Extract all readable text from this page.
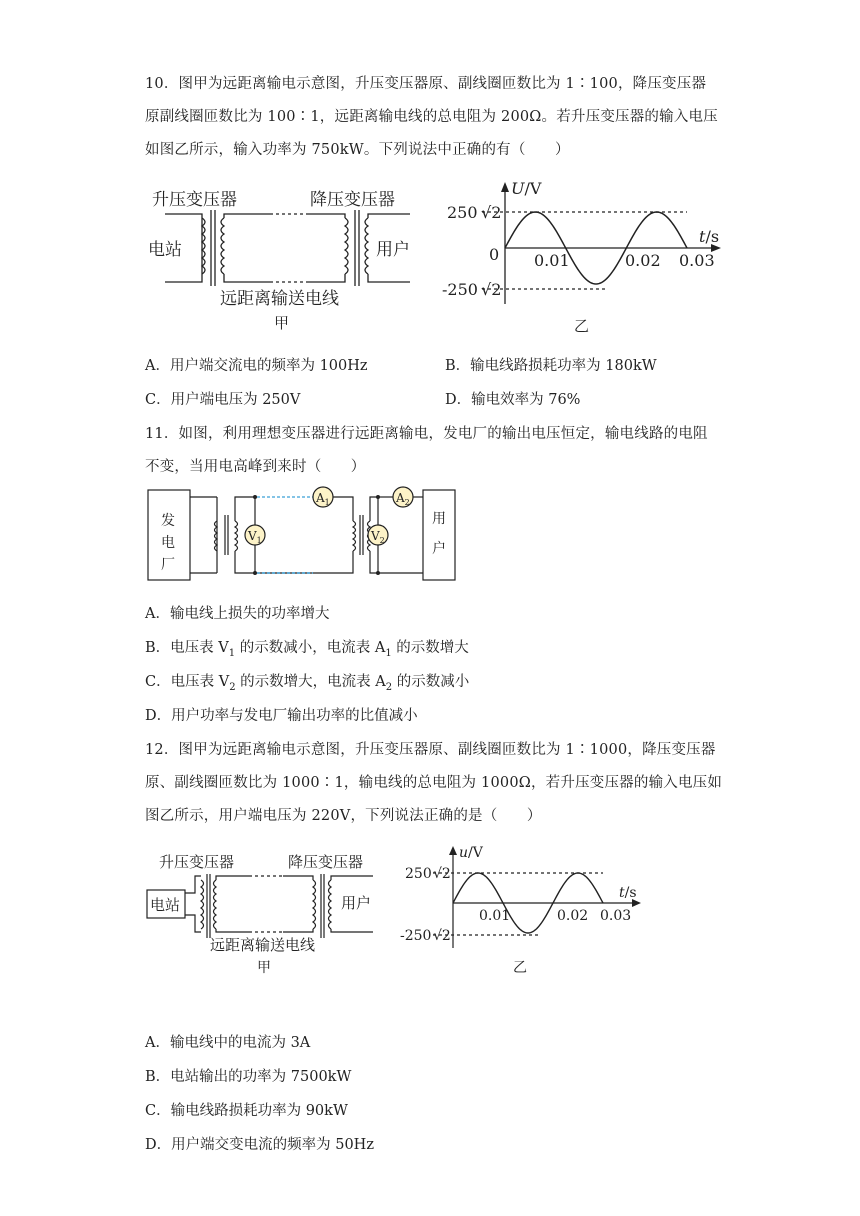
10．图甲为远距离输电示意图，升压变压器原、副线圈匝数比为 1∶100，降压变压器
原副线圈匝数比为 100∶1，远距离输电线的总电阻为 200Ω。若升压变压器的输入电压
如图乙所示，输入功率为 750kW。下列说法中正确的有（　　）
升压变压器	降压变压器
电站	用户
远距离输送电线
甲
U/V
t/s
250 √2
-250 √2
0 0.01	0.02 0.03
乙
A．用户端交流电的频率为 100Hz	B．输电线路损耗功率为 180kW
C．用户端电压为 250V	D．输电效率为 76%
11．如图，利用理想变压器进行远距离输电，发电厂的输出电压恒定，输电线路的电阻
不变，当用电高峰到来时（　　）
$V_1$
$A_1$
$V_2$
$A_2$
发
电
厂
用
户
A．输电线上损失的功率增大
B．电压表 $V_1$ 的示数减小，电流表 $A_1$ 的示数增大
C．电压表 $V_2$ 的示数增大，电流表 $A_2$ 的示数减小
D．用户功率与发电厂输出功率的比值减小
12．图甲为远距离输电示意图，升压变压器原、副线圈匝数比为 1∶1000，降压变压器
原、副线圈匝数比为 1000∶1，输电线的总电阻为 1000Ω，若升压变压器的输入电压如
图乙所示，用户端电压为 220V，下列说法正确的是（　　）
升压变压器	降压变压器
电站	用户
远距离输送电线
甲
u/V
t/s
250 √2
-250 √2
0.01	0.02 0.03
乙
A．输电线中的电流为 3A
B．电站输出的功率为 7500kW
C．输电线路损耗功率为 90kW
D．用户端交变电流的频率为 50Hz
